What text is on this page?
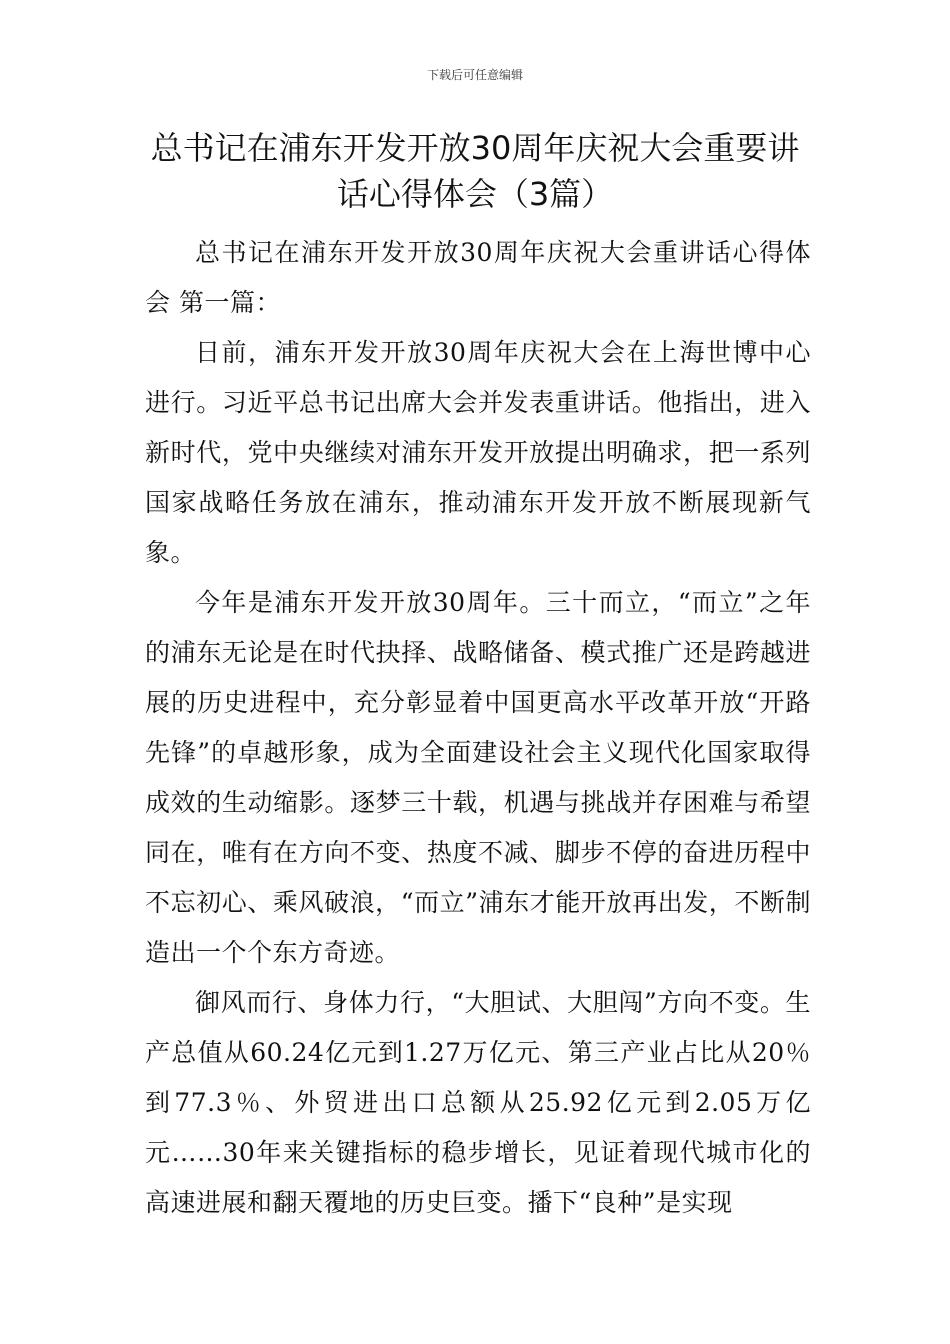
下载后可任意编辑
总书记在浦东开发开放30周年庆祝大会重要讲话心得体会（3篇）

总书记在浦东开发开放30周年庆祝大会重讲话心得体会 第一篇：

日前，浦东开发开放30周年庆祝大会在上海世博中心进行。习近平总书记出席大会并发表重讲话。他指出，进入新时代，党中央继续对浦东开发开放提出明确求，把一系列国家战略任务放在浦东，推动浦东开发开放不断展现新气象。

今年是浦东开发开放30周年。三十而立，“而立”之年的浦东无论是在时代抉择、战略储备、模式推广还是跨越进展的历史进程中，充分彰显着中国更高水平改革开放“开路先锋”的卓越形象，成为全面建设社会主义现代化国家取得成效的生动缩影。逐梦三十载，机遇与挑战并存困难与希望同在，唯有在方向不变、热度不减、脚步不停的奋进历程中不忘初心、乘风破浪，“而立”浦东才能开放再出发，不断制造出一个个东方奇迹。

御风而行、身体力行，“大胆试、大胆闯”方向不变。生产总值从60.24亿元到1.27万亿元、第三产业占比从20％到77.3％、外贸进出口总额从25.92亿元到2.05万亿元……30年来关键指标的稳步增长，见证着现代城市化的高速进展和翻天覆地的历史巨变。播下“良种”是实现
